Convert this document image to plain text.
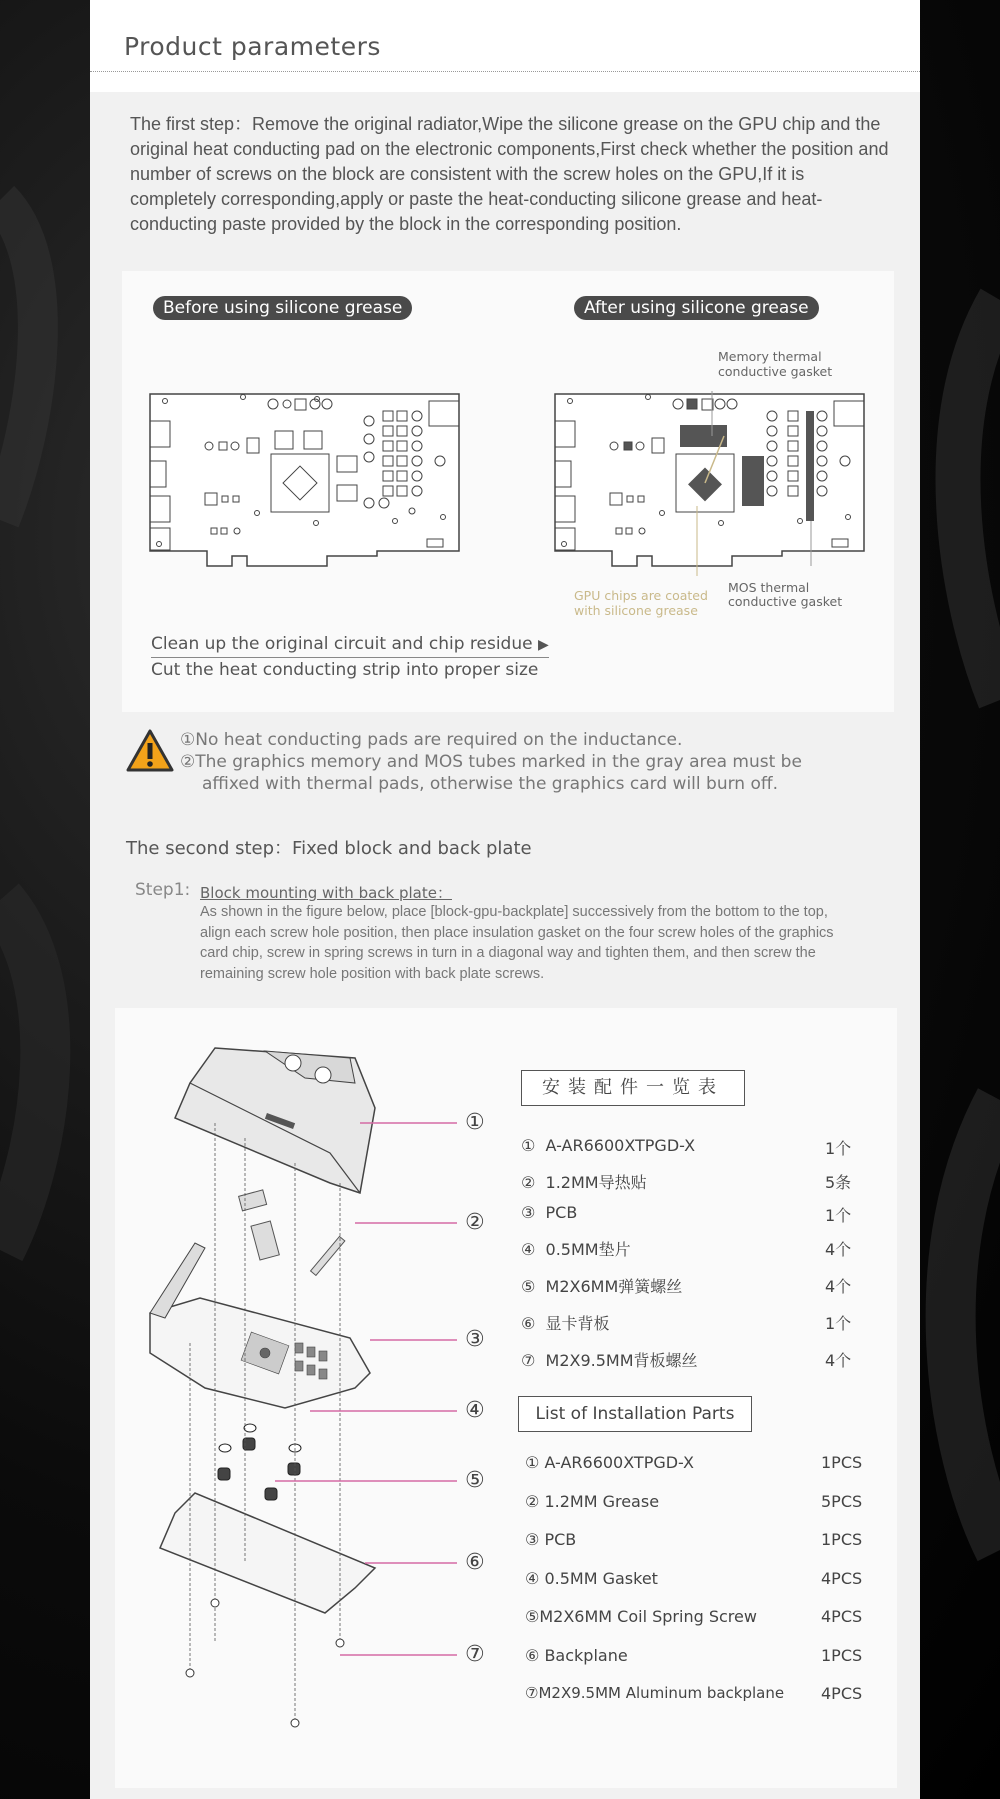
Product parameters
The first step：Remove the original radiator,Wipe the silicone grease on the GPU chip and the original heat conducting pad on the electronic components,First check whether the position and number of screws on the block are consistent with the screw holes on the GPU,If it is completely corresponding,apply or paste the heat-conducting silicone grease and heat-conducting paste provided by the block in the corresponding position.
Before using silicone grease	After using silicone grease
Memory thermal
conductive gasket
MOS thermal
conductive gasket
GPU chips are coated
with silicone grease
Clean up the original circuit and chip residue ▶
Cut the heat conducting strip into proper size
①No heat conducting pads are required on the inductance.
②The graphics memory and MOS tubes marked in the gray area must be
affixed with thermal pads, otherwise the graphics card will burn off.
The second step：Fixed block and back plate
Step1: Block mounting with back plate：
As shown in the figure below, place [block-gpu-backplate] successively from the bottom to the top, align each screw hole position, then place insulation gasket on the four screw holes of the graphics card chip, screw in spring screws in turn in a diagonal way and tighten them, and then screw the remaining screw hole position with back plate screws.
①
②
③
④
⑤
⑥
⑦
安装配件一览表
① A-AR6600XTPGD-X	1个
② 1.2MM导热贴	5条
③ PCB	1个
④ 0.5MM垫片	4个
⑤ M2X6MM弹簧螺丝	4个
⑥ 显卡背板	1个
⑦ M2X9.5MM背板螺丝	4个
List of Installation Parts
① A-AR6600XTPGD-X	1PCS
② 1.2MM Grease	5PCS
③ PCB	1PCS
④ 0.5MM Gasket	4PCS
⑤M2X6MM Coil Spring Screw	4PCS
⑥ Backplane	1PCS
⑦M2X9.5MM Aluminum backplane 4PCS
